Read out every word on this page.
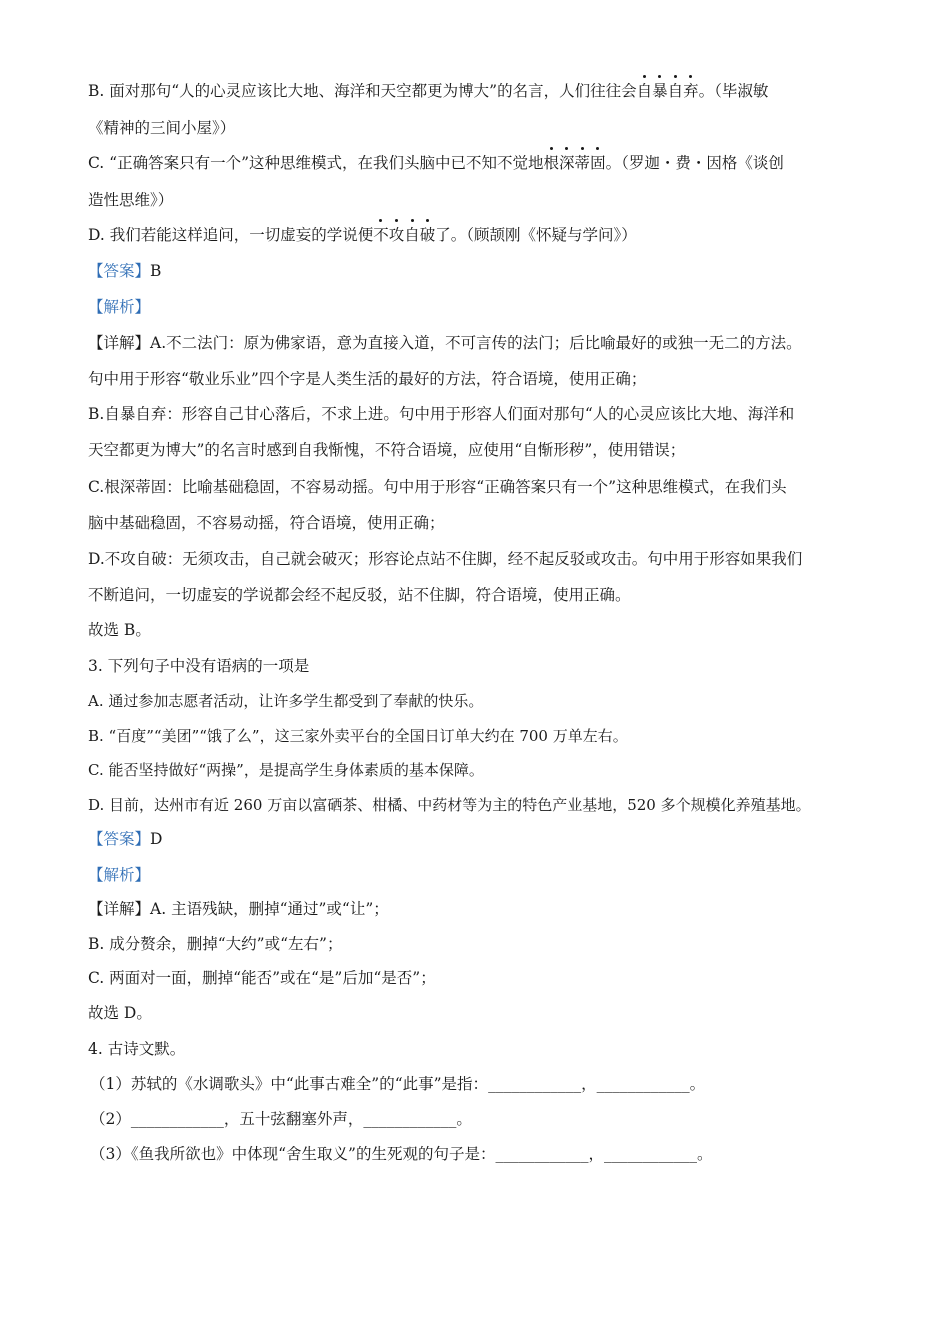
B. 面对那句“人的心灵应该比大地、海洋和天空都更为博大”的名言，人们往往会自暴自弃。（毕淑敏
《精神的三间小屋》）
C. “正确答案只有一个”这种思维模式，在我们头脑中已不知不觉地根深蒂固。（罗迦・费・因格《谈创
造性思维》）
D. 我们若能这样追问，一切虚妄的学说便不攻自破了。（顾颉刚《怀疑与学问》）
【答案】B
【解析】
【详解】A.不二法门：原为佛家语，意为直接入道，不可言传的法门；后比喻最好的或独一无二的方法。
句中用于形容“敬业乐业”四个字是人类生活的最好的方法，符合语境，使用正确；
B.自暴自弃：形容自己甘心落后，不求上进。句中用于形容人们面对那句“人的心灵应该比大地、海洋和
天空都更为博大”的名言时感到自我惭愧，不符合语境，应使用“自惭形秽”，使用错误；
C.根深蒂固：比喻基础稳固，不容易动摇。句中用于形容“正确答案只有一个”这种思维模式，在我们头
脑中基础稳固，不容易动摇，符合语境，使用正确；
D.不攻自破：无须攻击，自己就会破灭；形容论点站不住脚，经不起反驳或攻击。句中用于形容如果我们
不断追问，一切虚妄的学说都会经不起反驳，站不住脚，符合语境，使用正确。
故选 B。
3. 下列句子中没有语病的一项是
A. 通过参加志愿者活动，让许多学生都受到了奉献的快乐。
B. “百度”“美团”“饿了么”，这三家外卖平台的全国日订单大约在 700 万单左右。
C. 能否坚持做好“两操”，是提高学生身体素质的基本保障。
D. 目前，达州市有近 260 万亩以富硒茶、柑橘、中药材等为主的特色产业基地，520 多个规模化养殖基地。
【答案】D
【解析】
【详解】A. 主语残缺，删掉“通过”或“让”；
B. 成分赘余，删掉“大约”或“左右”；
C. 两面对一面，删掉“能否”或在“是”后加“是否”；
故选 D。
4. 古诗文默。
（1）苏轼的《水调歌头》中“此事古难全”的“此事”是指：____________，____________。
（2）____________，五十弦翻塞外声，____________。
（3）《鱼我所欲也》中体现“舍生取义”的生死观的句子是：____________，____________。
